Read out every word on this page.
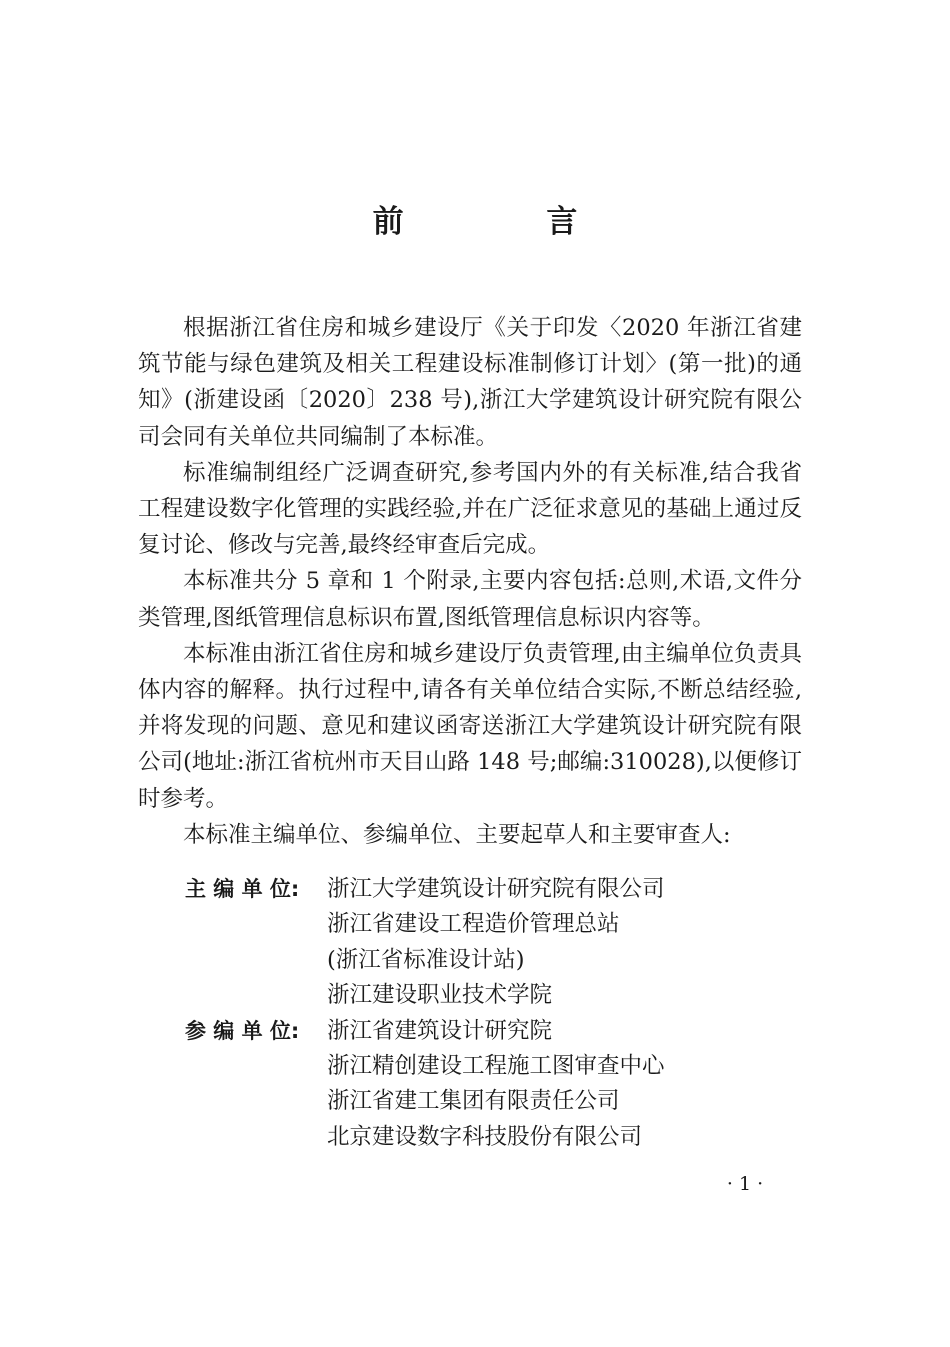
前 言

根据浙江省住房和城乡建设厅《关于印发〈2020 年浙江省建筑节能与绿色建筑及相关工程建设标准制修订计划〉(第一批)的通知》(浙建设函〔2020〕238 号),浙江大学建筑设计研究院有限公司会同有关单位共同编制了本标准。

标准编制组经广泛调查研究,参考国内外的有关标准,结合我省工程建设数字化管理的实践经验,并在广泛征求意见的基础上通过反复讨论、修改与完善,最终经审查后完成。

本标准共分 5 章和 1 个附录,主要内容包括:总则,术语,文件分类管理,图纸管理信息标识布置,图纸管理信息标识内容等。

本标准由浙江省住房和城乡建设厅负责管理,由主编单位负责具体内容的解释。执行过程中,请各有关单位结合实际,不断总结经验,并将发现的问题、意见和建议函寄送浙江大学建筑设计研究院有限公司(地址:浙江省杭州市天目山路 148 号;邮编:310028),以便修订时参考。

本标准主编单位、参编单位、主要起草人和主要审查人:

主 编 单 位:	浙江大学建筑设计研究院有限公司
浙江省建设工程造价管理总站
(浙江省标准设计站)
浙江建设职业技术学院
参 编 单 位:	浙江省建筑设计研究院
浙江精创建设工程施工图审查中心
浙江省建工集团有限责任公司
北京建设数字科技股份有限公司
· 1 ·
